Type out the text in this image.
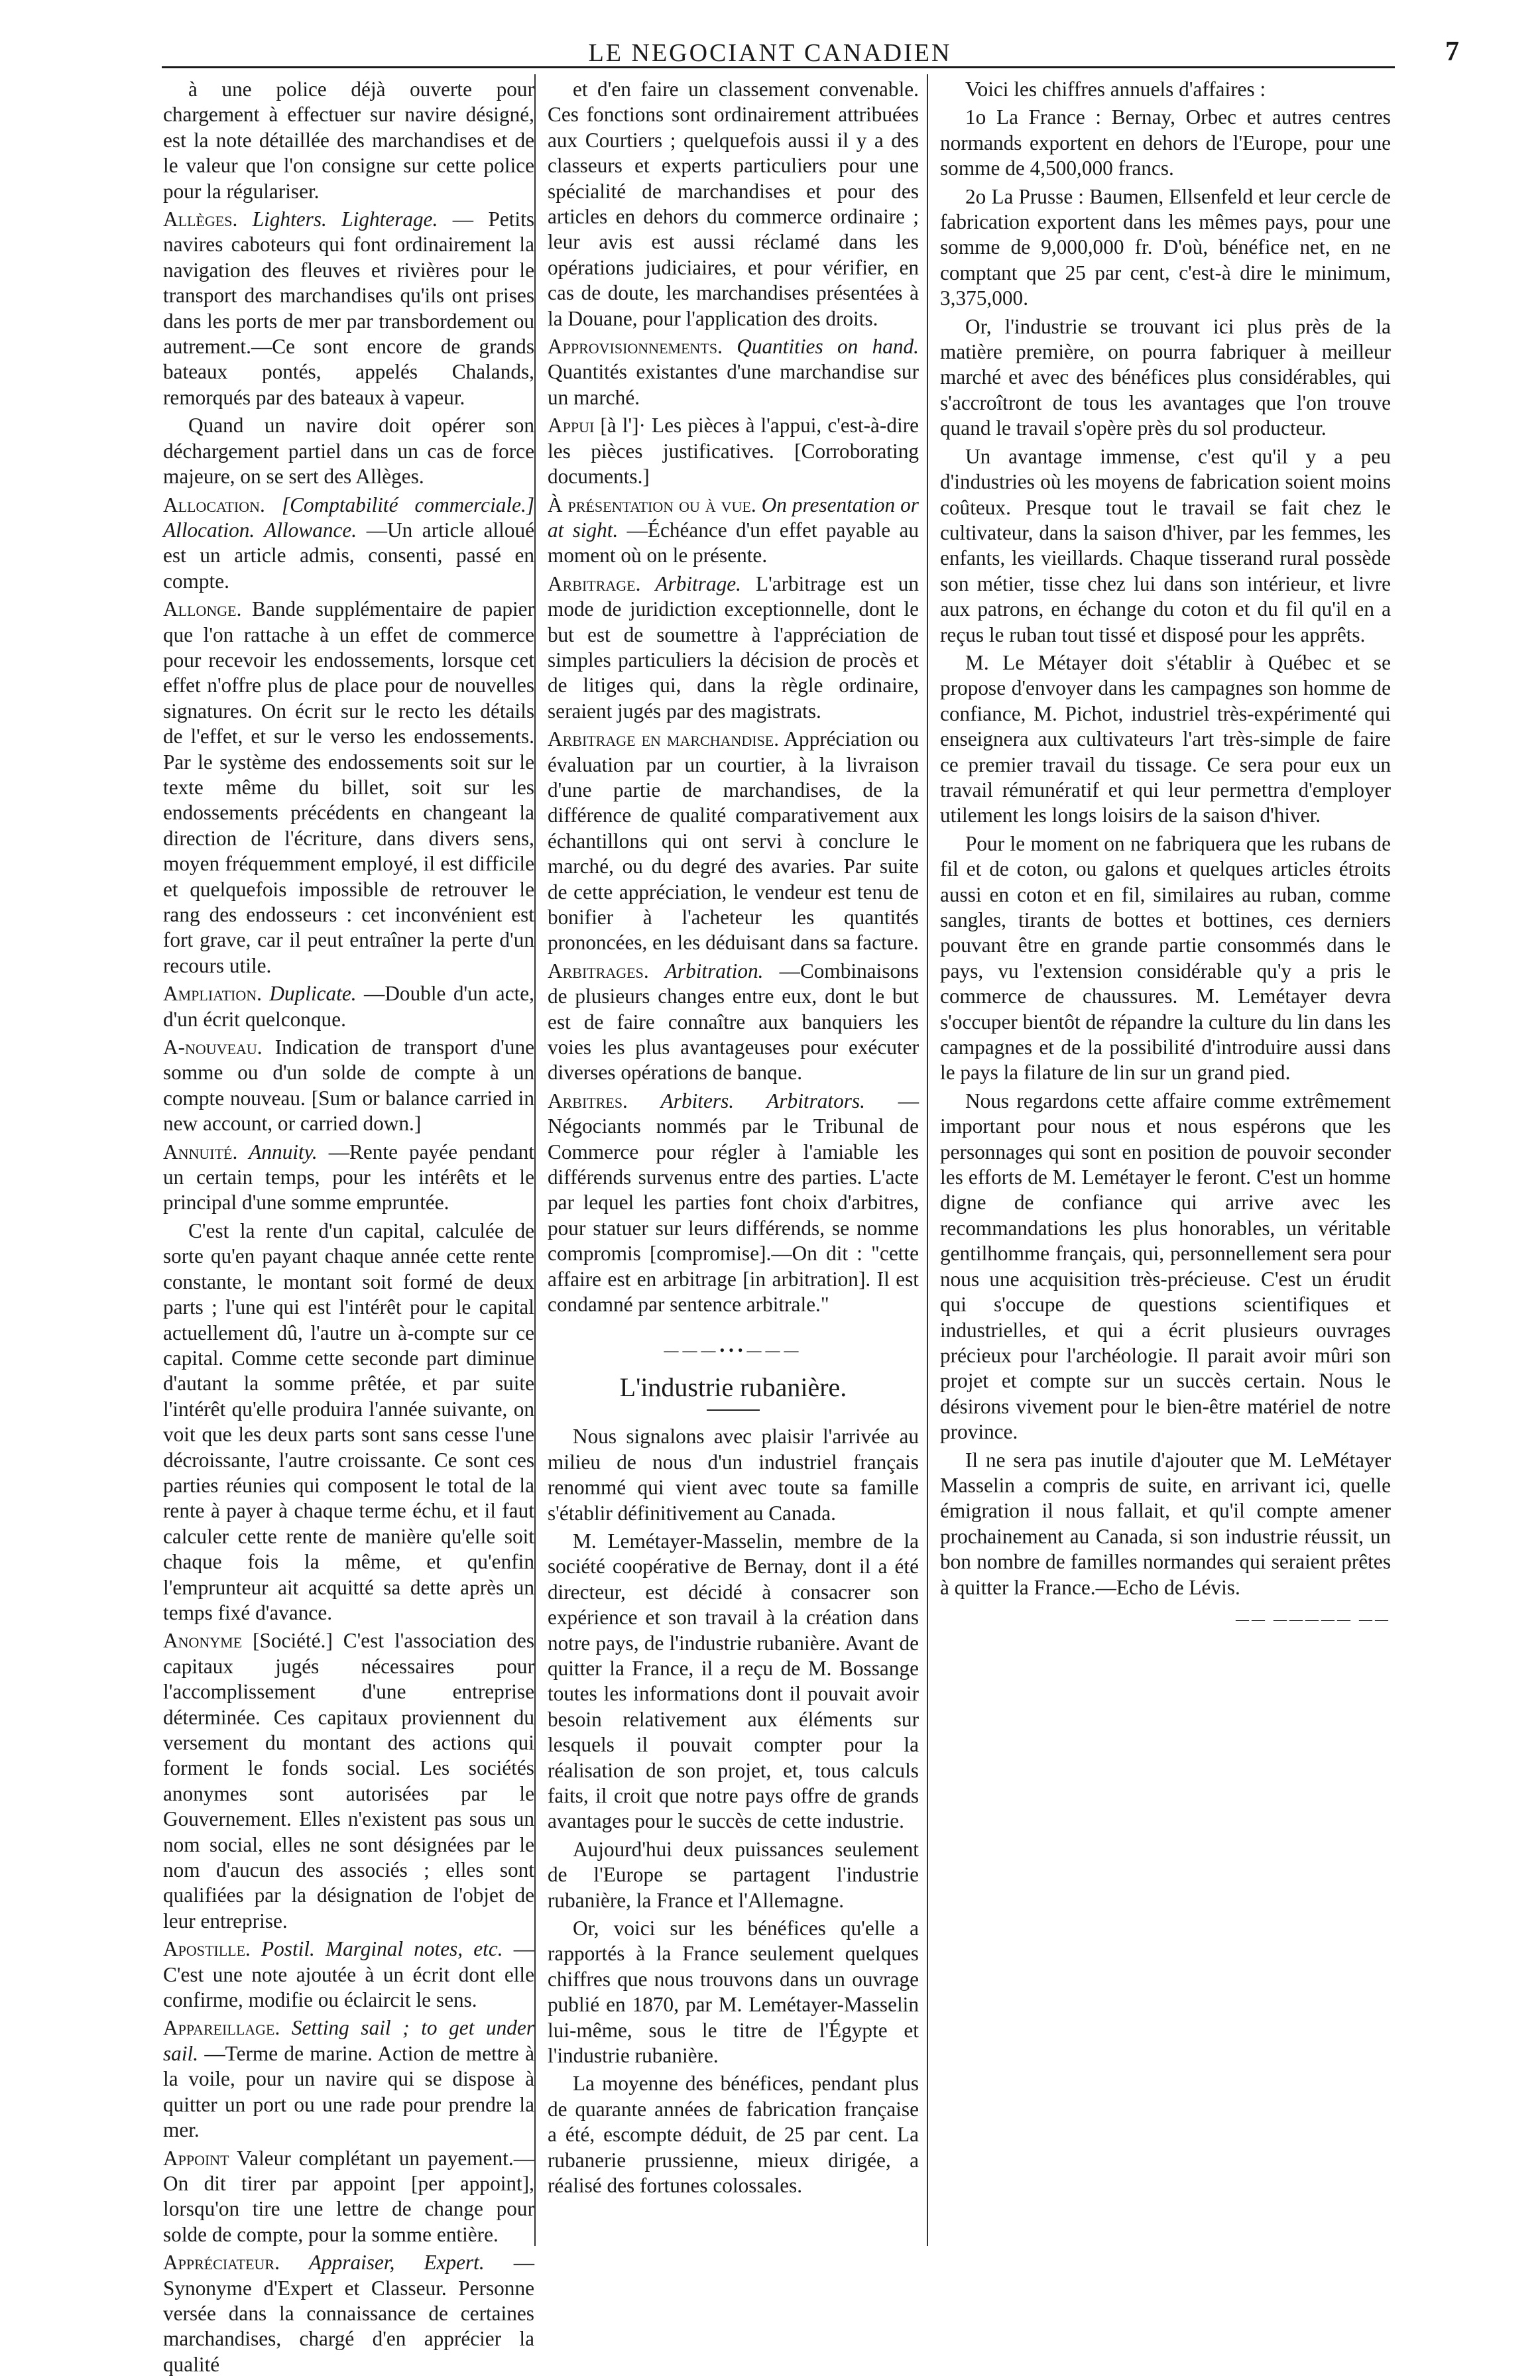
LE NEGOCIANT CANADIEN	7

à une police déjà ouverte pour chargement à effectuer sur navire désigné, est la note détaillée des marchandises et de le valeur que l'on consigne sur cette police pour la régulariser.

Allèges. Lighters. Lighterage. — Petits navires caboteurs qui font ordinairement la navigation des fleuves et rivières pour le transport des marchandises qu'ils ont prises dans les ports de mer par transbordement ou autrement.—Ce sont encore de grands bateaux pontés, appelés Chalands, remorqués par des bateaux à vapeur.

Quand un navire doit opérer son déchargement partiel dans un cas de force majeure, on se sert des Allèges.

Allocation. [Comptabilité commerciale.] Allocation. Allowance. —Un article alloué est un article admis, consenti, passé en compte.

Allonge. Bande supplémentaire de papier que l'on rattache à un effet de commerce pour recevoir les endossements, lorsque cet effet n'offre plus de place pour de nouvelles signatures. On écrit sur le recto les détails de l'effet, et sur le verso les endossements. Par le système des endossements soit sur le texte même du billet, soit sur les endossements précédents en changeant la direction de l'écriture, dans divers sens, moyen fréquemment employé, il est difficile et quelquefois impossible de retrouver le rang des endosseurs : cet inconvénient est fort grave, car il peut entraîner la perte d'un recours utile.

Ampliation. Duplicate. —Double d'un acte, d'un écrit quelconque.

A-nouveau. Indication de transport d'une somme ou d'un solde de compte à un compte nouveau. [Sum or balance carried in new account, or carried down.]

Annuité. Annuity. —Rente payée pendant un certain temps, pour les intérêts et le principal d'une somme empruntée.

C'est la rente d'un capital, calculée de sorte qu'en payant chaque année cette rente constante, le montant soit formé de deux parts ; l'une qui est l'intérêt pour le capital actuellement dû, l'autre un à-compte sur ce capital. Comme cette seconde part diminue d'autant la somme prêtée, et par suite l'intérêt qu'elle produira l'année suivante, on voit que les deux parts sont sans cesse l'une décroissante, l'autre croissante. Ce sont ces parties réunies qui composent le total de la rente à payer à chaque terme échu, et il faut calculer cette rente de manière qu'elle soit chaque fois la même, et qu'enfin l'emprunteur ait acquitté sa dette après un temps fixé d'avance.

Anonyme [Société.] C'est l'association des capitaux jugés nécessaires pour l'accomplissement d'une entreprise déterminée. Ces capitaux proviennent du versement du montant des actions qui forment le fonds social. Les sociétés anonymes sont autorisées par le Gouvernement. Elles n'existent pas sous un nom social, elles ne sont désignées par le nom d'aucun des associés ; elles sont qualifiées par la désignation de l'objet de leur entreprise.

Apostille. Postil. Marginal notes, etc. —C'est une note ajoutée à un écrit dont elle confirme, modifie ou éclaircit le sens.

Appareillage. Setting sail ; to get under sail. —Terme de marine. Action de mettre à la voile, pour un navire qui se dispose à quitter un port ou une rade pour prendre la mer.

Appoint Valeur complétant un payement.—On dit tirer par appoint [per appoint], lorsqu'on tire une lettre de change pour solde de compte, pour la somme entière.

Appréciateur. Appraiser, Expert. —Synonyme d'Expert et Classeur. Personne versée dans la connaissance de certaines marchandises, chargé d'en apprécier la qualité

et d'en faire un classement convenable. Ces fonctions sont ordinairement attribuées aux Courtiers ; quelquefois aussi il y a des classeurs et experts particuliers pour une spécialité de marchandises et pour des articles en dehors du commerce ordinaire ; leur avis est aussi réclamé dans les opérations judiciaires, et pour vérifier, en cas de doute, les marchandises présentées à la Douane, pour l'application des droits.

Approvisionnements. Quantities on hand. Quantités existantes d'une marchandise sur un marché.

Appui [à l']· Les pièces à l'appui, c'est-à-dire les pièces justificatives. [Corroborating documents.]

À présentation ou à vue. On presentation or at sight. —Échéance d'un effet payable au moment où on le présente.

Arbitrage. Arbitrage. L'arbitrage est un mode de juridiction exceptionnelle, dont le but est de soumettre à l'appréciation de simples particuliers la décision de procès et de litiges qui, dans la règle ordinaire, seraient jugés par des magistrats.

Arbitrage en marchandise. Appréciation ou évaluation par un courtier, à la livraison d'une partie de marchandises, de la différence de qualité comparativement aux échantillons qui ont servi à conclure le marché, ou du degré des avaries. Par suite de cette appréciation, le vendeur est tenu de bonifier à l'acheteur les quantités prononcées, en les déduisant dans sa facture.

Arbitrages. Arbitration. —Combinaisons de plusieurs changes entre eux, dont le but est de faire connaître aux banquiers les voies les plus avantageuses pour exécuter diverses opérations de banque.

Arbitres. Arbiters. Arbitrators. —Négociants nommés par le Tribunal de Commerce pour régler à l'amiable les différends survenus entre des parties. L'acte par lequel les parties font choix d'arbitres, pour statuer sur leurs différends, se nomme compromis [compromise].—On dit : "cette affaire est en arbitrage [in arbitration]. Il est condamné par sentence arbitrale."

―――•••―――
L'industrie rubanière.

Nous signalons avec plaisir l'arrivée au milieu de nous d'un industriel français renommé qui vient avec toute sa famille s'établir définitivement au Canada.

M. Lemétayer-Masselin, membre de la société coopérative de Bernay, dont il a été directeur, est décidé à consacrer son expérience et son travail à la création dans notre pays, de l'industrie rubanière. Avant de quitter la France, il a reçu de M. Bossange toutes les informations dont il pouvait avoir besoin relativement aux éléments sur lesquels il pouvait compter pour la réalisation de son projet, et, tous calculs faits, il croit que notre pays offre de grands avantages pour le succès de cette industrie.

Aujourd'hui deux puissances seulement de l'Europe se partagent l'industrie rubanière, la France et l'Allemagne.

Or, voici sur les bénéfices qu'elle a rapportés à la France seulement quelques chiffres que nous trouvons dans un ouvrage publié en 1870, par M. Lemétayer-Masselin lui-même, sous le titre de l'Égypte et l'industrie rubanière.

La moyenne des bénéfices, pendant plus de quarante années de fabrication française a été, escompte déduit, de 25 par cent. La rubanerie prussienne, mieux dirigée, a réalisé des fortunes colossales.

Voici les chiffres annuels d'affaires :

1o La France : Bernay, Orbec et autres centres normands exportent en dehors de l'Europe, pour une somme de 4,500,000 francs.

2o La Prusse : Baumen, Ellsenfeld et leur cercle de fabrication exportent dans les mêmes pays, pour une somme de 9,000,000 fr. D'où, bénéfice net, en ne comptant que 25 par cent, c'est-à dire le minimum, 3,375,000.

Or, l'industrie se trouvant ici plus près de la matière première, on pourra fabriquer à meilleur marché et avec des bénéfices plus considérables, qui s'accroîtront de tous les avantages que l'on trouve quand le travail s'opère près du sol producteur.

Un avantage immense, c'est qu'il y a peu d'industries où les moyens de fabrication soient moins coûteux. Presque tout le travail se fait chez le cultivateur, dans la saison d'hiver, par les femmes, les enfants, les vieillards. Chaque tisserand rural possède son métier, tisse chez lui dans son intérieur, et livre aux patrons, en échange du coton et du fil qu'il en a reçus le ruban tout tissé et disposé pour les apprêts.

M. Le Métayer doit s'établir à Québec et se propose d'envoyer dans les campagnes son homme de confiance, M. Pichot, industriel très-expérimenté qui enseignera aux cultivateurs l'art très-simple de faire ce premier travail du tissage. Ce sera pour eux un travail rémunératif et qui leur permettra d'employer utilement les longs loisirs de la saison d'hiver.

Pour le moment on ne fabriquera que les rubans de fil et de coton, ou galons et quelques articles étroits aussi en coton et en fil, similaires au ruban, comme sangles, tirants de bottes et bottines, ces derniers pouvant être en grande partie consommés dans le pays, vu l'extension considérable qu'y a pris le commerce de chaussures. M. Lemétayer devra s'occuper bientôt de répandre la culture du lin dans les campagnes et de la possibilité d'introduire aussi dans le pays la filature de lin sur un grand pied.

Nous regardons cette affaire comme extrêmement important pour nous et nous espérons que les personnages qui sont en position de pouvoir seconder les efforts de M. Lemétayer le feront. C'est un homme digne de confiance qui arrive avec les recommandations les plus honorables, un véritable gentilhomme français, qui, personnellement sera pour nous une acquisition très-précieuse. C'est un érudit qui s'occupe de questions scientifiques et industrielles, et qui a écrit plusieurs ouvrages précieux pour l'archéologie. Il parait avoir mûri son projet et compte sur un succès certain. Nous le désirons vivement pour le bien-être matériel de notre province.

Il ne sera pas inutile d'ajouter que M. LeMétayer Masselin a compris de suite, en arrivant ici, quelle émigration il nous fallait, et qu'il compte amener prochainement au Canada, si son industrie réussit, un bon nombre de familles normandes qui seraient prêtes à quitter la France.—Echo de Lévis.

―― ――――― ――
